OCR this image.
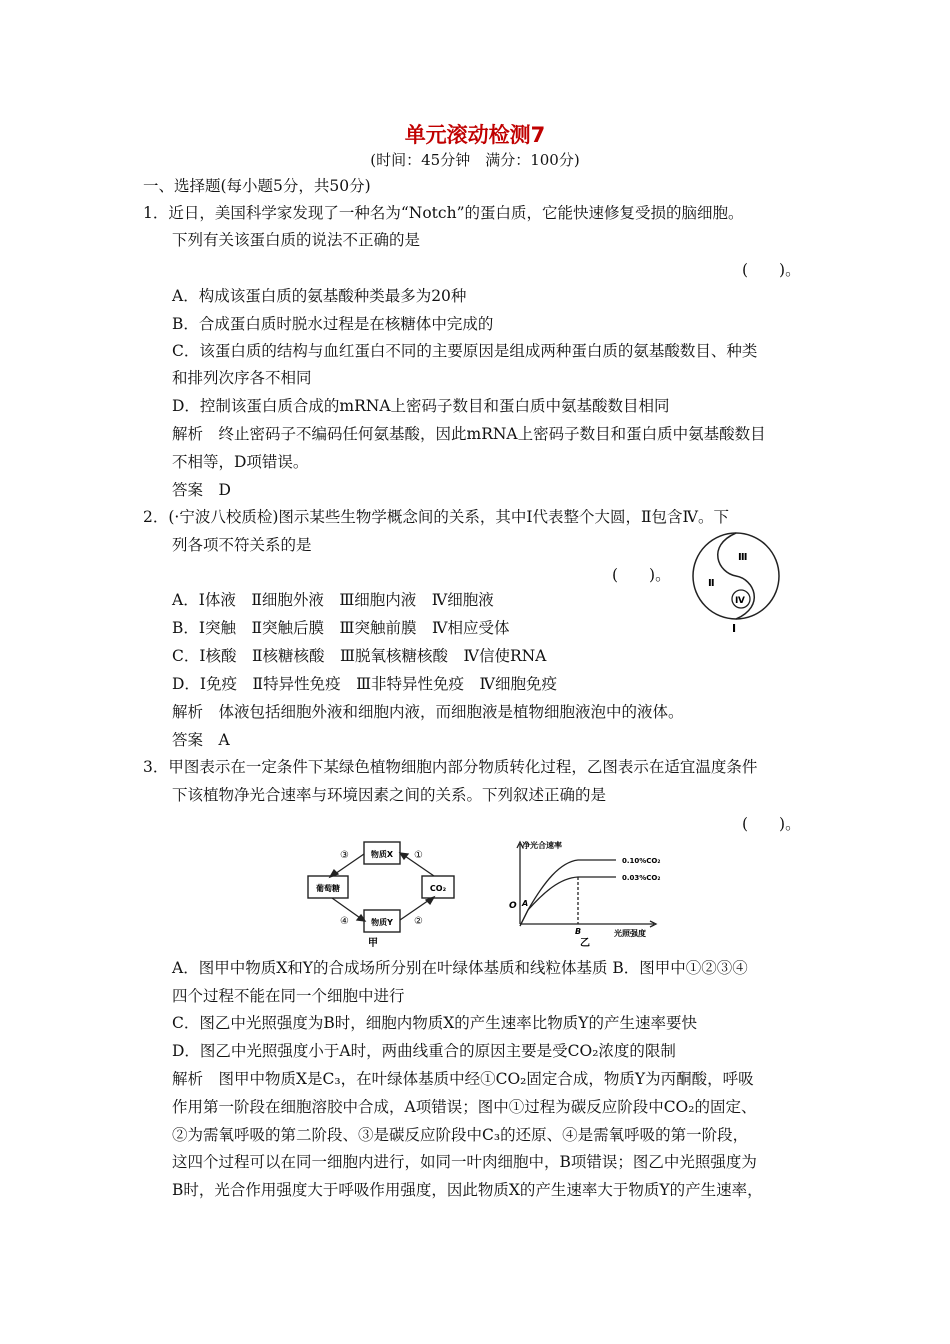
单元滚动检测7
(时间：45分钟　满分：100分)
一、选择题(每小题5分，共50分)
1．近日，美国科学家发现了一种名为“Notch”的蛋白质，它能快速修复受损的脑细胞。
下列有关该蛋白质的说法不正确的是
(　　)。
A．构成该蛋白质的氨基酸种类最多为20种
B．合成蛋白质时脱水过程是在核糖体中完成的
C．该蛋白质的结构与血红蛋白不同的主要原因是组成两种蛋白质的氨基酸数目、种类
和排列次序各不相同
D．控制该蛋白质合成的mRNA上密码子数目和蛋白质中氨基酸数目相同
解析　终止密码子不编码任何氨基酸，因此mRNA上密码子数目和蛋白质中氨基酸数目
不相等，D项错误。
答案　D
2．(·宁波八校质检)图示某些生物学概念间的关系，其中Ⅰ代表整个大圆，Ⅱ包含Ⅳ。下
列各项不符关系的是
(　　)。
Ⅲ
Ⅱ
Ⅳ
Ⅰ
A．Ⅰ体液　Ⅱ细胞外液　Ⅲ细胞内液　Ⅳ细胞液
B．Ⅰ突触　Ⅱ突触后膜　Ⅲ突触前膜　Ⅳ相应受体
C．Ⅰ核酸　Ⅱ核糖核酸　Ⅲ脱氧核糖核酸　Ⅳ信使RNA
D．Ⅰ免疫　Ⅱ特异性免疫　Ⅲ非特异性免疫　Ⅳ细胞免疫
解析　体液包括细胞外液和细胞内液，而细胞液是植物细胞液泡中的液体。
答案　A
3．甲图表示在一定条件下某绿色植物细胞内部分物质转化过程，乙图表示在适宜温度条件
下该植物净光合速率与环境因素之间的关系。下列叙述正确的是
(　　)。
物质X
葡萄糖	CO₂
物质Y
③	①
④	②
甲
净光合速率
0.10%CO₂
0.03%CO₂
O A
B	光照强度
乙
A．图甲中物质X和Y的合成场所分别在叶绿体基质和线粒体基质 B．图甲中①②③④
四个过程不能在同一个细胞中进行
C．图乙中光照强度为B时，细胞内物质X的产生速率比物质Y的产生速率要快
D．图乙中光照强度小于A时，两曲线重合的原因主要是受CO₂浓度的限制
解析　图甲中物质X是C₃，在叶绿体基质中经①CO₂固定合成，物质Y为丙酮酸，呼吸
作用第一阶段在细胞溶胶中合成，A项错误；图中①过程为碳反应阶段中CO₂的固定、
②为需氧呼吸的第二阶段、③是碳反应阶段中C₃的还原、④是需氧呼吸的第一阶段，
这四个过程可以在同一细胞内进行，如同一叶肉细胞中，B项错误；图乙中光照强度为
B时，光合作用强度大于呼吸作用强度，因此物质X的产生速率大于物质Y的产生速率，
